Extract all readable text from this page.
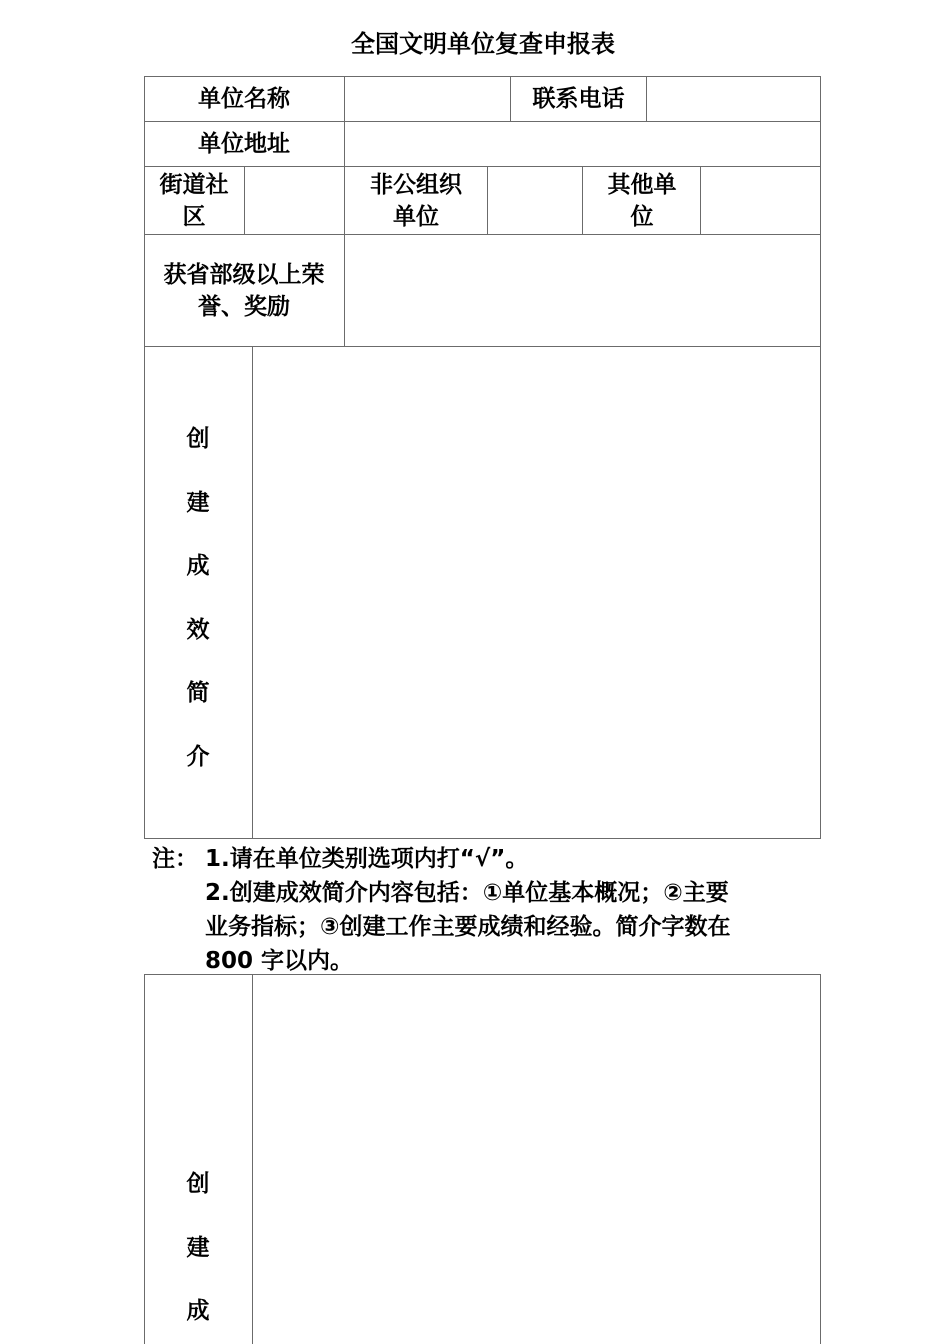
全国文明单位复查申报表
单位名称	联系电话
单位地址
街道社区
非公组织单位
其他单位
获省部级以上荣誉、奖励
创
建
成
效
简
介
注： 1.请在单位类别选项内打“√”。
2.创建成效简介内容包括：①单位基本概况；②主要
业务指标；③创建工作主要成绩和经验。简介字数在
800 字以内。
创
建
成
